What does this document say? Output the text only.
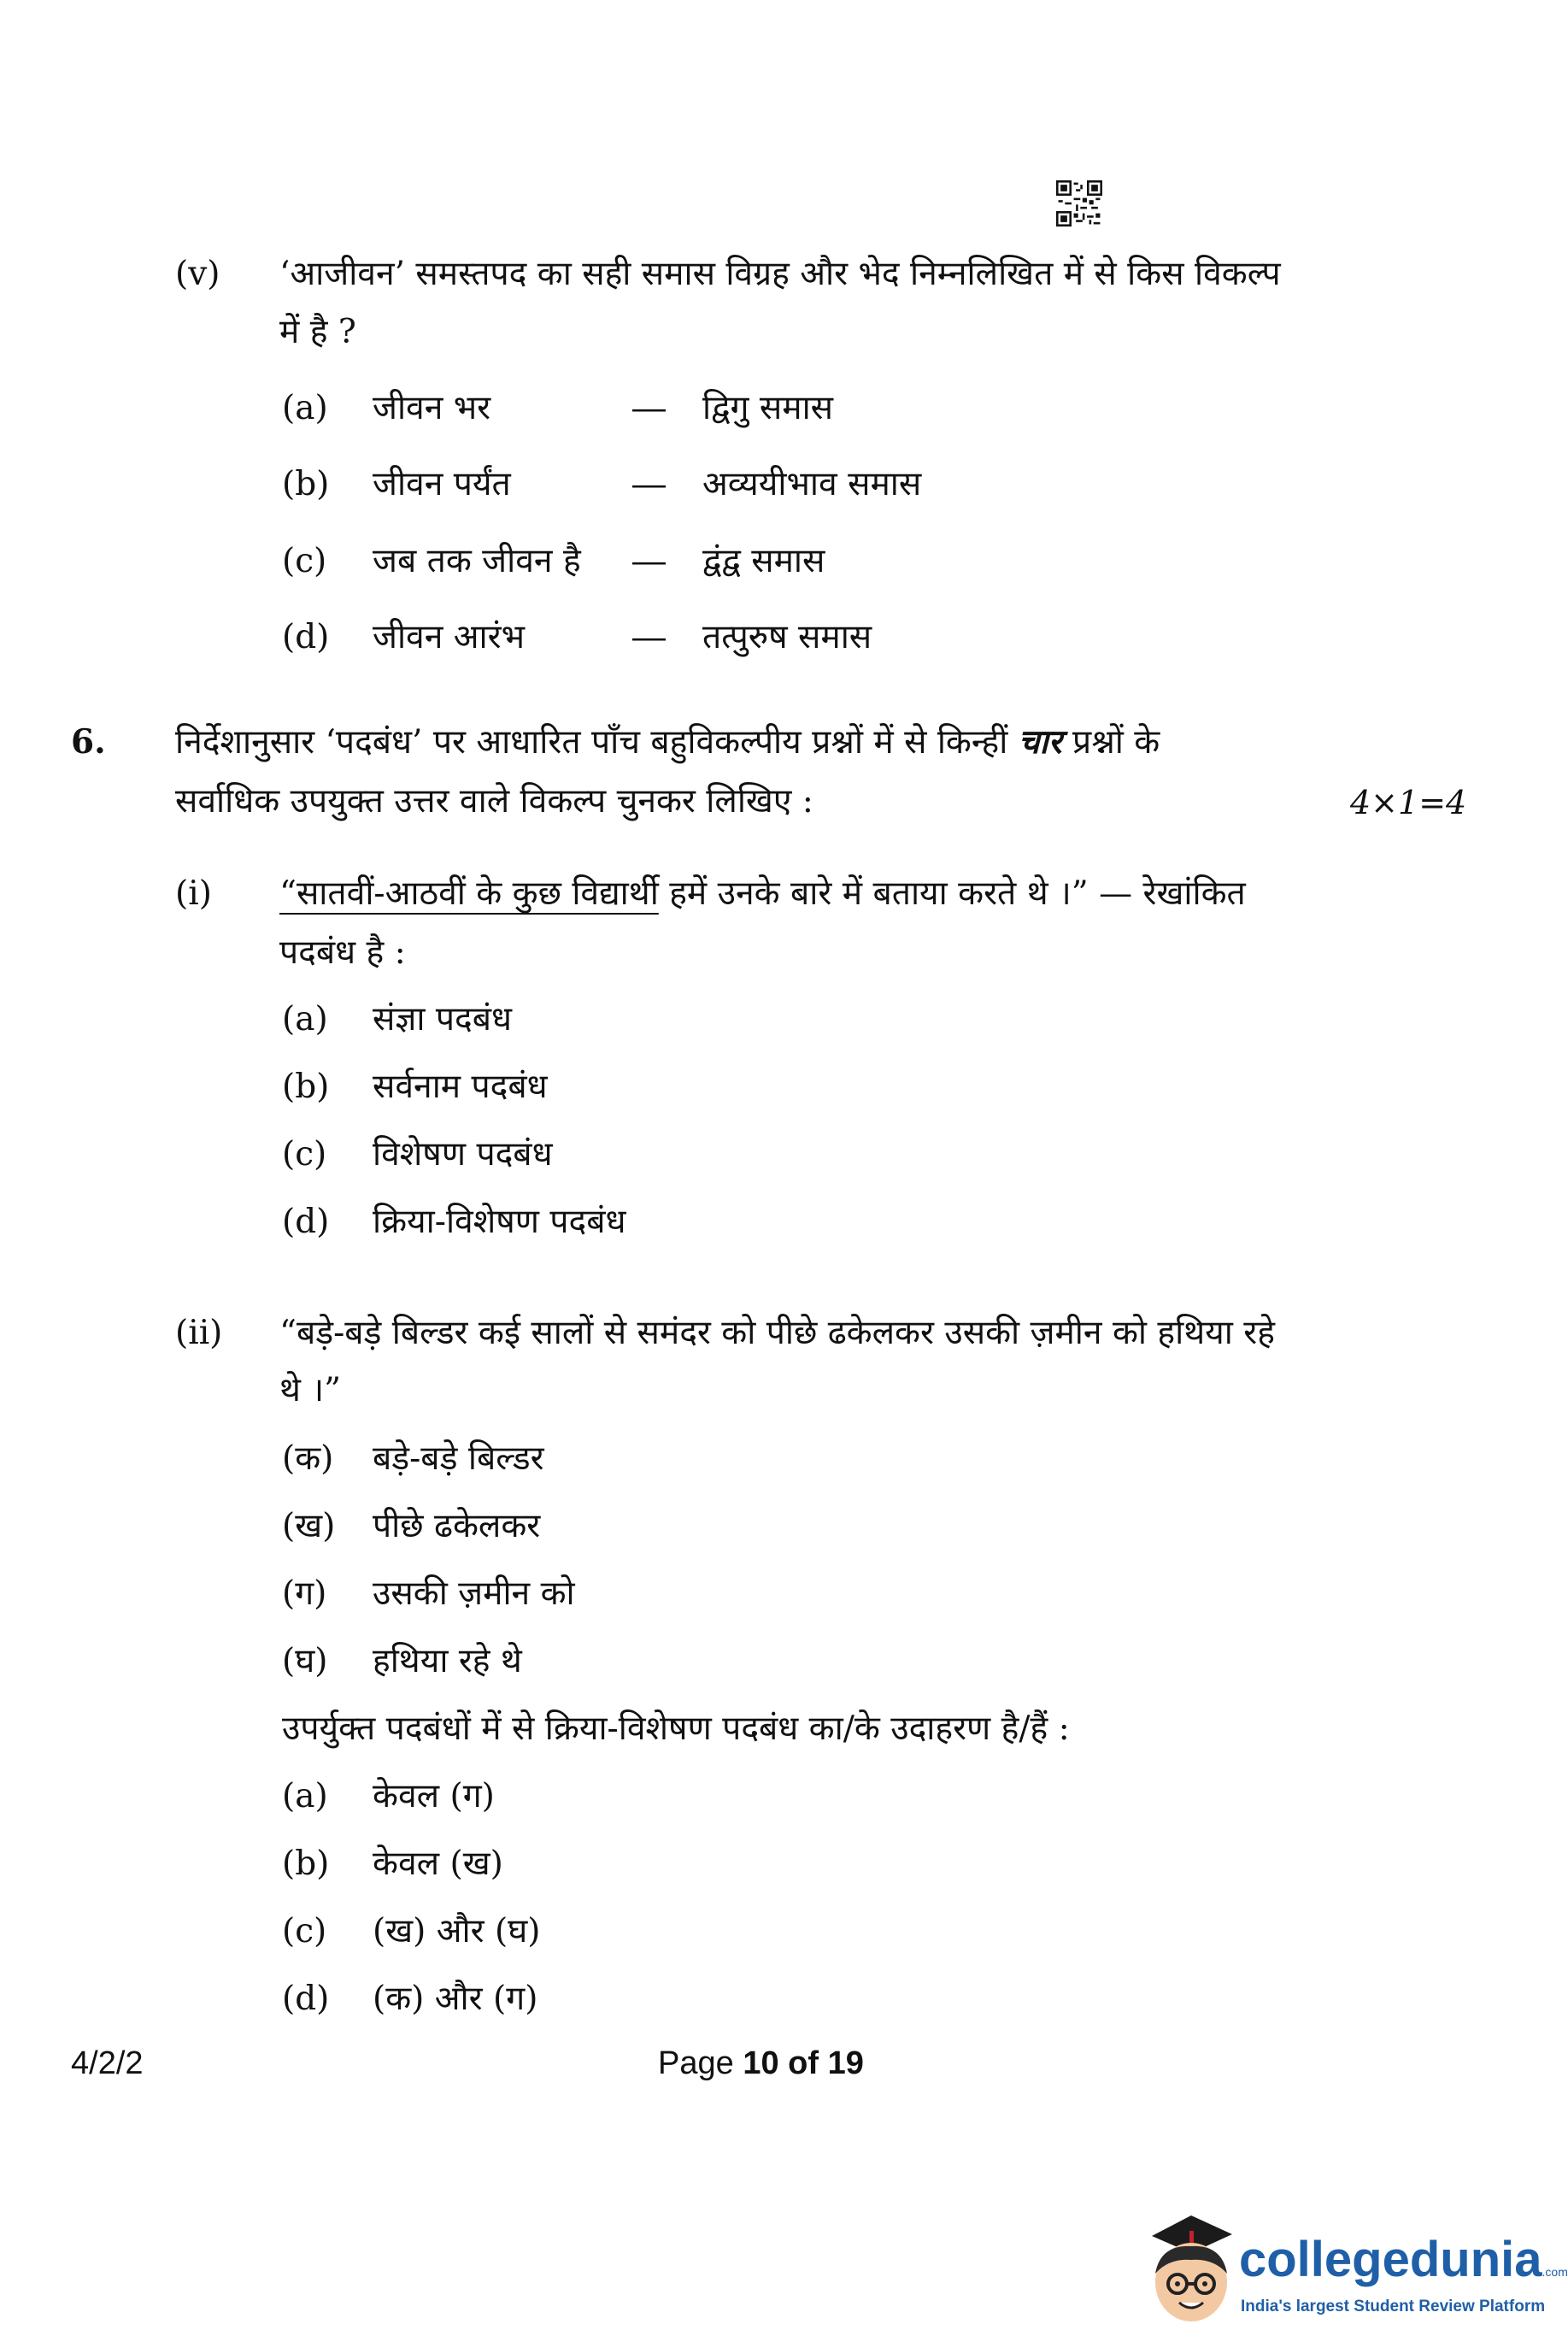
(v)	‘आजीवन’ समस्तपद का सही समास विग्रह और भेद निम्नलिखित में से किस विकल्प
में है ?
(a) जीवन भर	— द्विगु समास
(b) जीवन पर्यंत	— अव्ययीभाव समास
(c) जब तक जीवन है — द्वंद्व समास
(d) जीवन आरंभ	— तत्पुरुष समास
6. निर्देशानुसार ‘पदबंध’ पर आधारित पाँच बहुविकल्पीय प्रश्नों में से किन्हीं चार प्रश्नों के
सर्वाधिक उपयुक्त उत्तर वाले विकल्प चुनकर लिखिए :	4×1=4
(i) “सातवीं-आठवीं के कुछ विद्यार्थी हमें उनके बारे में बताया करते थे ।” — रेखांकित
पदबंध है :
(a) संज्ञा पदबंध
(b) सर्वनाम पदबंध
(c) विशेषण पदबंध
(d) क्रिया-विशेषण पदबंध
(ii) “बड़े-बड़े बिल्डर कई सालों से समंदर को पीछे ढकेलकर उसकी ज़मीन को हथिया रहे
थे ।”
(क) बड़े-बड़े बिल्डर
(ख) पीछे ढकेलकर
(ग) उसकी ज़मीन को
(घ) हथिया रहे थे
उपर्युक्त पदबंधों में से क्रिया-विशेषण पदबंध का/के उदाहरण है/हैं :
(a) केवल (ग)
(b) केवल (ख)
(c) (ख) और (घ)
(d) (क) और (ग)
4/2/2	Page 10 of 19
collegedunia.com
India's largest Student Review Platform
